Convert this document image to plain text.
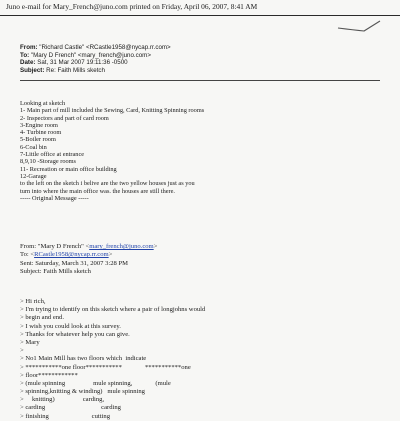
Juno e-mail for Mary_French@juno.com printed on Friday, April 06, 2007, 8:41 AM
From: "Richard Castle" <RCastle1958@nycap.rr.com>
To: "Mary D French" <mary_french@juno.com>
Date: Sat, 31 Mar 2007 19:11:36 -0500
Subject: Re: Faith Mills sketch
Looking at sketch
1- Main part of mill included the Sewing, Card, Knitting Spinning rooms
2- Inspectors and part of card room
3-Engine room
4- Turbine room
5-Boiler room
6-Coal bin
7-Little office at entrance
8,9,10 -Storage rooms
11- Recreation or main office building
12-Garage
to the left on the sketch i belive are the two yellow houses just as you
turn into where the main office was. the houses are still there.
----- Original Message -----
From: "Mary D French" <mary_french@juno.com>
To: <RCastle1958@nycap.rr.com>
Sent: Saturday, March 31, 2007 3:28 PM
Subject: Faith Mills sketch
> Hi rich,
> I'm trying to identify on this sketch where a pair of longjohns would
> begin and end.
> I wish you could look at this survey.
> Thanks for whatever help you can give.
> Mary
>
> No1 Main Mill has two floors which  indicate
> ***********one floor***********              ***********one
> floor************
> (mule spinning                 mule spinning,              (mule
> spinning,knitting & winding)   mule spinning
>     knitting)                 carding,
> carding                                  carding
> finishing                          cutting
